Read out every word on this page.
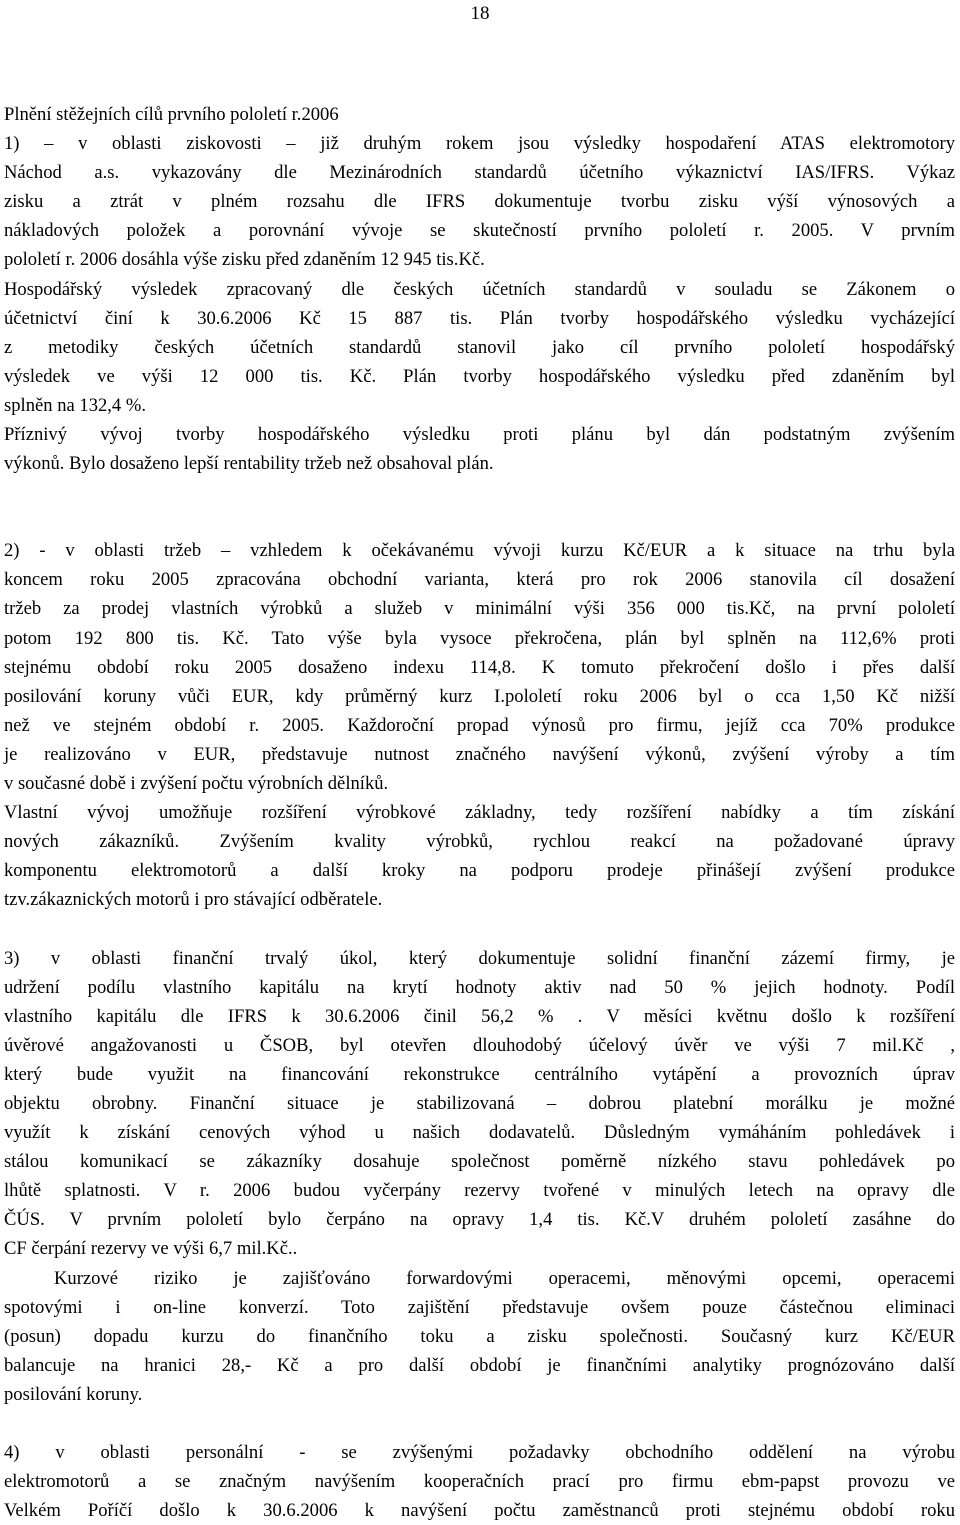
18
Plnění stěžejních cílů prvního pololetí r.2006
1) – v oblasti ziskovosti – již druhým rokem jsou výsledky hospodaření ATAS elektromotory
Náchod a.s. vykazovány dle Mezinárodních standardů účetního výkaznictví IAS/IFRS. Výkaz
zisku a ztrát v plném rozsahu dle IFRS dokumentuje tvorbu zisku výší výnosových a
nákladových položek a porovnání vývoje se skutečností prvního pololetí r. 2005. V prvním
pololetí r. 2006 dosáhla výše zisku před zdaněním 12 945 tis.Kč.
Hospodářský výsledek zpracovaný dle českých účetních standardů v souladu se Zákonem o
účetnictví činí k 30.6.2006 Kč 15 887 tis. Plán tvorby hospodářského výsledku vycházející
z metodiky českých účetních standardů stanovil jako cíl prvního pololetí hospodářský
výsledek ve výši 12 000 tis. Kč. Plán tvorby hospodářského výsledku před zdaněním byl
splněn na 132,4 %.
Příznivý vývoj tvorby hospodářského výsledku proti plánu byl dán podstatným zvýšením
výkonů. Bylo dosaženo lepší rentability tržeb než obsahoval plán.
2) - v oblasti tržeb – vzhledem k očekávanému vývoji kurzu Kč/EUR a k situace na trhu byla
koncem roku 2005 zpracována obchodní varianta, která pro rok 2006 stanovila cíl dosažení
tržeb za prodej vlastních výrobků a služeb v minimální výši 356 000 tis.Kč, na první pololetí
potom 192 800 tis. Kč. Tato výše byla vysoce překročena, plán byl splněn na 112,6% proti
stejnému období roku 2005 dosaženo indexu 114,8. K tomuto překročení došlo i přes další
posilování koruny vůči EUR, kdy průměrný kurz I.pololetí roku 2006 byl o cca 1,50 Kč nižší
než ve stejném období r. 2005. Každoroční propad výnosů pro firmu, jejíž cca 70% produkce
je realizováno v EUR, představuje nutnost značného navýšení výkonů, zvýšení výroby a tím
v současné době i zvýšení počtu výrobních dělníků.
Vlastní vývoj umožňuje rozšíření výrobkové základny, tedy rozšíření nabídky a tím získání
nových zákazníků. Zvýšením kvality výrobků, rychlou reakcí na požadované úpravy
komponentu elektromotorů a další kroky na podporu prodeje přinášejí zvýšení produkce
tzv.zákaznických motorů i pro stávající odběratele.
3) v oblasti finanční trvalý úkol, který dokumentuje solidní finanční zázemí firmy, je
udržení podílu vlastního kapitálu na krytí hodnoty aktiv nad 50 % jejich hodnoty. Podíl
vlastního kapitálu dle IFRS k 30.6.2006 činil 56,2 % . V měsíci květnu došlo k rozšíření
úvěrové angažovanosti u ČSOB, byl otevřen dlouhodobý účelový úvěr ve výši 7 mil.Kč ,
který bude využit na financování rekonstrukce centrálního vytápění a provozních úprav
objektu obrobny. Finanční situace je stabilizovaná – dobrou platební morálku je možné
využít k získání cenových výhod u našich dodavatelů. Důsledným vymáháním pohledávek i
stálou komunikací se zákazníky dosahuje společnost poměrně nízkého stavu pohledávek po
lhůtě splatnosti. V r. 2006 budou vyčerpány rezervy tvořené v minulých letech na opravy dle
ČÚS. V prvním pololetí bylo čerpáno na opravy 1,4 tis. Kč.V druhém pololetí zasáhne do
CF čerpání rezervy ve výši 6,7 mil.Kč..
Kurzové riziko je zajišťováno forwardovými operacemi, měnovými opcemi, operacemi
spotovými i on-line konverzí. Toto zajištění představuje ovšem pouze částečnou eliminaci
(posun) dopadu kurzu do finančního toku a zisku společnosti. Současný kurz Kč/EUR
balancuje na hranici 28,- Kč a pro další období je finančními analytiky prognózováno další
posilování koruny.
4) v oblasti personální - se zvýšenými požadavky obchodního oddělení na výrobu
elektromotorů a se značným navýšením kooperačních prací pro firmu ebm-papst provozu ve
Velkém Poříčí došlo k 30.6.2006 k navýšení počtu zaměstnanců proti stejnému období roku
